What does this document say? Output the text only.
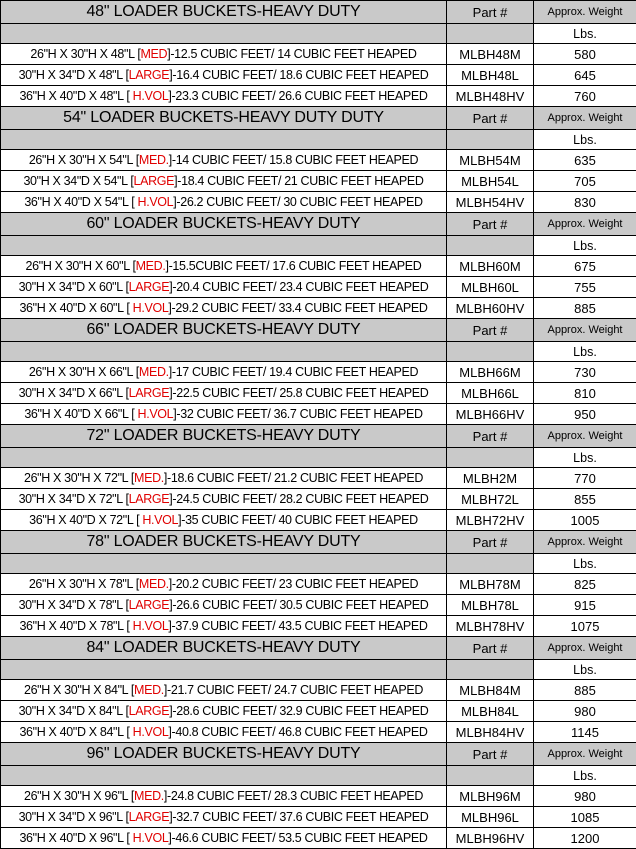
48" LOADER BUCKETS-HEAVY DUTY	Part #	Approx. Weight
		Lbs.
26"H X 30"H X 48"L [MED]-12.5 CUBIC FEET/ 14 CUBIC FEET HEAPED	MLBH48M	580
30"H X 34"D X 48"L [LARGE]-16.4 CUBIC FEET/ 18.6 CUBIC FEET HEAPED	MLBH48L	645
36"H X 40"D X 48"L [ H.VOL]-23.3 CUBIC FEET/ 26.6 CUBIC FEET HEAPED	MLBH48HV	760
54" LOADER BUCKETS-HEAVY DUTY DUTY	Part #	Approx. Weight
		Lbs.
26"H X 30"H X 54"L [MED.]-14 CUBIC FEET/ 15.8 CUBIC FEET HEAPED	MLBH54M	635
30"H X 34"D X 54"L [LARGE]-18.4 CUBIC FEET/ 21 CUBIC FEET HEAPED	MLBH54L	705
36"H X 40"D X 54"L [ H.VOL]-26.2 CUBIC FEET/ 30 CUBIC FEET HEAPED	MLBH54HV	830
60" LOADER BUCKETS-HEAVY DUTY	Part #	Approx. Weight
		Lbs.
26"H X 30"H X 60"L [MED.]-15.5CUBIC FEET/ 17.6 CUBIC FEET HEAPED	MLBH60M	675
30"H X 34"D X 60"L [LARGE]-20.4 CUBIC FEET/ 23.4 CUBIC FEET HEAPED	MLBH60L	755
36"H X 40"D X 60"L [ H.VOL]-29.2 CUBIC FEET/ 33.4 CUBIC FEET HEAPED	MLBH60HV	885
66" LOADER BUCKETS-HEAVY DUTY	Part #	Approx. Weight
		Lbs.
26"H X 30"H X 66"L [MED.]-17 CUBIC FEET/ 19.4 CUBIC FEET HEAPED	MLBH66M	730
30"H X 34"D X 66"L [LARGE]-22.5 CUBIC FEET/ 25.8 CUBIC FEET HEAPED	MLBH66L	810
36"H X 40"D X 66"L [ H.VOL]-32 CUBIC FEET/ 36.7 CUBIC FEET HEAPED	MLBH66HV	950
72" LOADER BUCKETS-HEAVY DUTY	Part #	Approx. Weight
		Lbs.
26"H X 30"H X 72"L [MED.]-18.6 CUBIC FEET/ 21.2 CUBIC FEET HEAPED	MLBH2M	770
30"H X 34"D X 72"L [LARGE]-24.5 CUBIC FEET/ 28.2 CUBIC FEET HEAPED	MLBH72L	855
36"H X 40"D X 72"L [ H.VOL]-35 CUBIC FEET/ 40 CUBIC FEET HEAPED	MLBH72HV	1005
78" LOADER BUCKETS-HEAVY DUTY	Part #	Approx. Weight
		Lbs.
26"H X 30"H X 78"L [MED.]-20.2 CUBIC FEET/ 23 CUBIC FEET HEAPED	MLBH78M	825
30"H X 34"D X 78"L [LARGE]-26.6 CUBIC FEET/ 30.5 CUBIC FEET HEAPED	MLBH78L	915
36"H X 40"D X 78"L [ H.VOL]-37.9 CUBIC FEET/ 43.5 CUBIC FEET HEAPED	MLBH78HV	1075
84" LOADER BUCKETS-HEAVY DUTY	Part #	Approx. Weight
		Lbs.
26"H X 30"H X 84"L [MED.]-21.7 CUBIC FEET/ 24.7 CUBIC FEET HEAPED	MLBH84M	885
30"H X 34"D X 84"L [LARGE]-28.6 CUBIC FEET/ 32.9 CUBIC FEET HEAPED	MLBH84L	980
36"H X 40"D X 84"L [ H.VOL]-40.8 CUBIC FEET/ 46.8 CUBIC FEET HEAPED	MLBH84HV	1145
96" LOADER BUCKETS-HEAVY DUTY	Part #	Approx. Weight
		Lbs.
26"H X 30"H X 96"L [MED.]-24.8 CUBIC FEET/ 28.3 CUBIC FEET HEAPED	MLBH96M	980
30"H X 34"D X 96"L [LARGE]-32.7 CUBIC FEET/ 37.6 CUBIC FEET HEAPED	MLBH96L	1085
36"H X 40"D X 96"L [ H.VOL]-46.6 CUBIC FEET/ 53.5 CUBIC FEET HEAPED	MLBH96HV	1200
